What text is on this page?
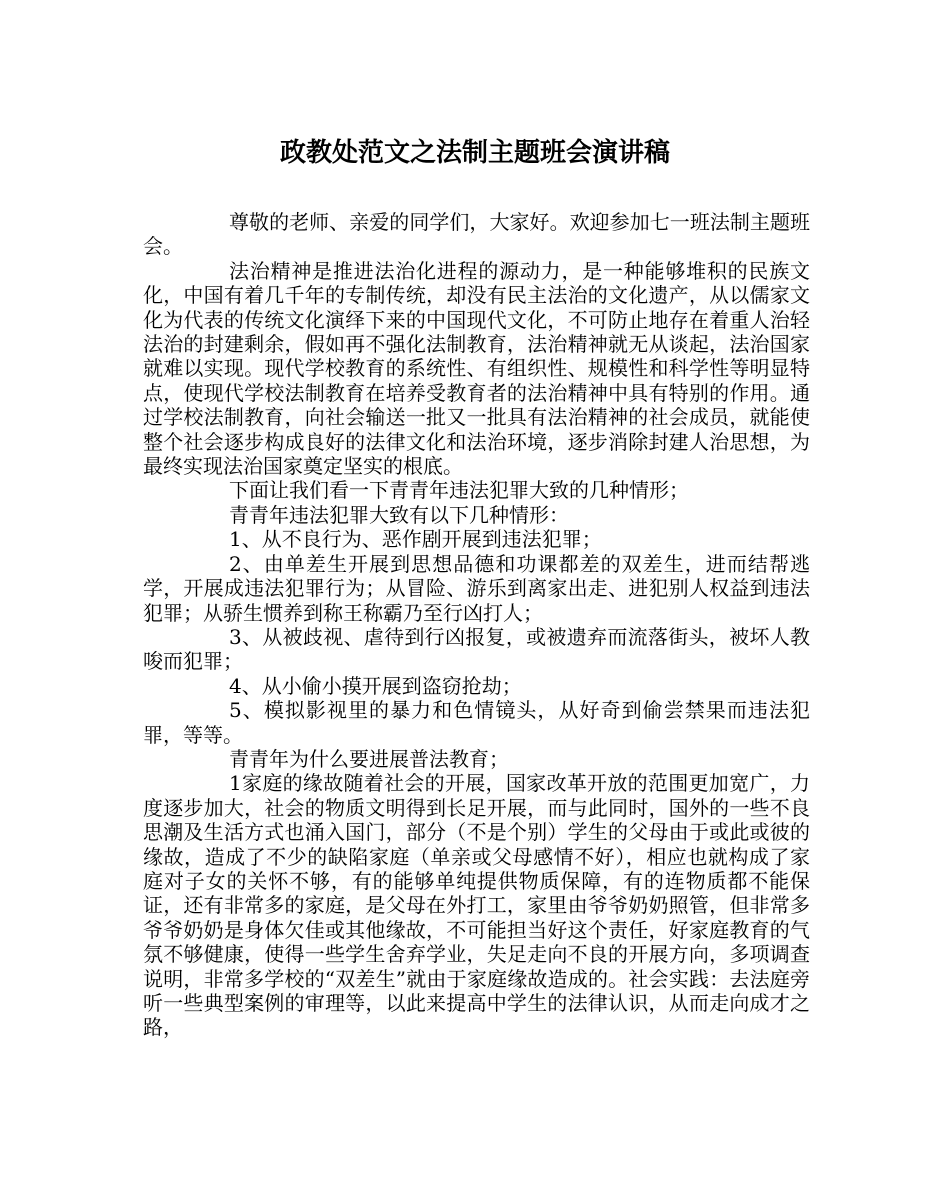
政教处范文之法制主题班会演讲稿

尊敬的老师、亲爱的同学们，大家好。欢迎参加七一班法制主题班会。

法治精神是推进法治化进程的源动力，是一种能够堆积的民族文化，中国有着几千年的专制传统，却没有民主法治的文化遗产，从以儒家文化为代表的传统文化演绎下来的中国现代文化，不可防止地存在着重人治轻法治的封建剩余，假如再不强化法制教育，法治精神就无从谈起，法治国家就难以实现。现代学校教育的系统性、有组织性、规模性和科学性等明显特点，使现代学校法制教育在培养受教育者的法治精神中具有特别的作用。通过学校法制教育，向社会输送一批又一批具有法治精神的社会成员，就能使整个社会逐步构成良好的法律文化和法治环境，逐步消除封建人治思想，为最终实现法治国家奠定坚实的根底。

下面让我们看一下青青年违法犯罪大致的几种情形；

青青年违法犯罪大致有以下几种情形：

1、从不良行为、恶作剧开展到违法犯罪；

2、由单差生开展到思想品德和功课都差的双差生，进而结帮逃学，开展成违法犯罪行为；从冒险、游乐到离家出走、进犯别人权益到违法犯罪；从骄生惯养到称王称霸乃至行凶打人；

3、从被歧视、虐待到行凶报复，或被遗弃而流落街头，被坏人教唆而犯罪；

4、从小偷小摸开展到盗窃抢劫；

5、模拟影视里的暴力和色情镜头，从好奇到偷尝禁果而违法犯罪，等等。

青青年为什么要进展普法教育；

1家庭的缘故随着社会的开展，国家改革开放的范围更加宽广，力度逐步加大，社会的物质文明得到长足开展，而与此同时，国外的一些不良思潮及生活方式也涌入国门，部分（不是个别）学生的父母由于或此或彼的缘故，造成了不少的缺陷家庭（单亲或父母感情不好），相应也就构成了家庭对子女的关怀不够，有的能够单纯提供物质保障，有的连物质都不能保证，还有非常多的家庭，是父母在外打工，家里由爷爷奶奶照管，但非常多爷爷奶奶是身体欠佳或其他缘故，不可能担当好这个责任，好家庭教育的气氛不够健康，使得一些学生舍弃学业，失足走向不良的开展方向，多项调查说明，非常多学校的“双差生”就由于家庭缘故造成的。社会实践：去法庭旁听一些典型案例的审理等，以此来提高中学生的法律认识，从而走向成才之路，
